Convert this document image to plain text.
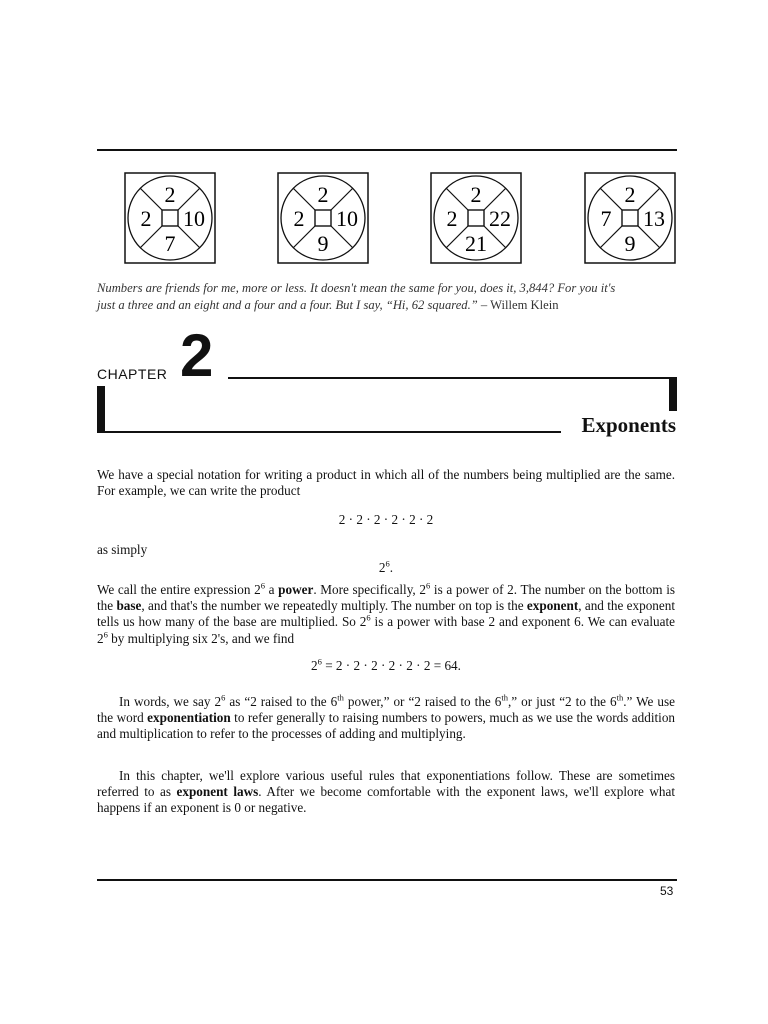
2
2 10
7
2
2 10
9
2
2 22
21
2
7 13
9
Numbers are friends for me, more or less. It doesn't mean the same for you, does it, 3,844? For you it's
just a three and an eight and a four and a four. But I say, “Hi, 62 squared.” – Willem Klein
CHAPTER 2
Exponents
We have a special notation for writing a product in which all of the numbers being multiplied are the same. For example, we can write the product
2 · 2 · 2 · 2 · 2 · 2
as simply
$2^6$.
We call the entire expression $2^6$ a power. More specifically, $2^6$ is a power of 2. The number on the bottom is the base, and that's the number we repeatedly multiply. The number on top is the exponent, and the exponent tells us how many of the base are multiplied. So $2^6$ is a power with base 2 and exponent 6. We can evaluate $2^6$ by multiplying six 2's, and we find
$2^6 = 2 \cdot 2 \cdot 2 \cdot 2 \cdot 2 \cdot 2 = 64$.
In words, we say $2^6$ as “2 raised to the 6th power,” or “2 raised to the 6th,” or just “2 to the 6th.” We use the word exponentiation to refer generally to raising numbers to powers, much as we use the words addition and multiplication to refer to the processes of adding and multiplying.
In this chapter, we'll explore various useful rules that exponentiations follow. These are sometimes referred to as exponent laws. After we become comfortable with the exponent laws, we'll explore what happens if an exponent is 0 or negative.
53
